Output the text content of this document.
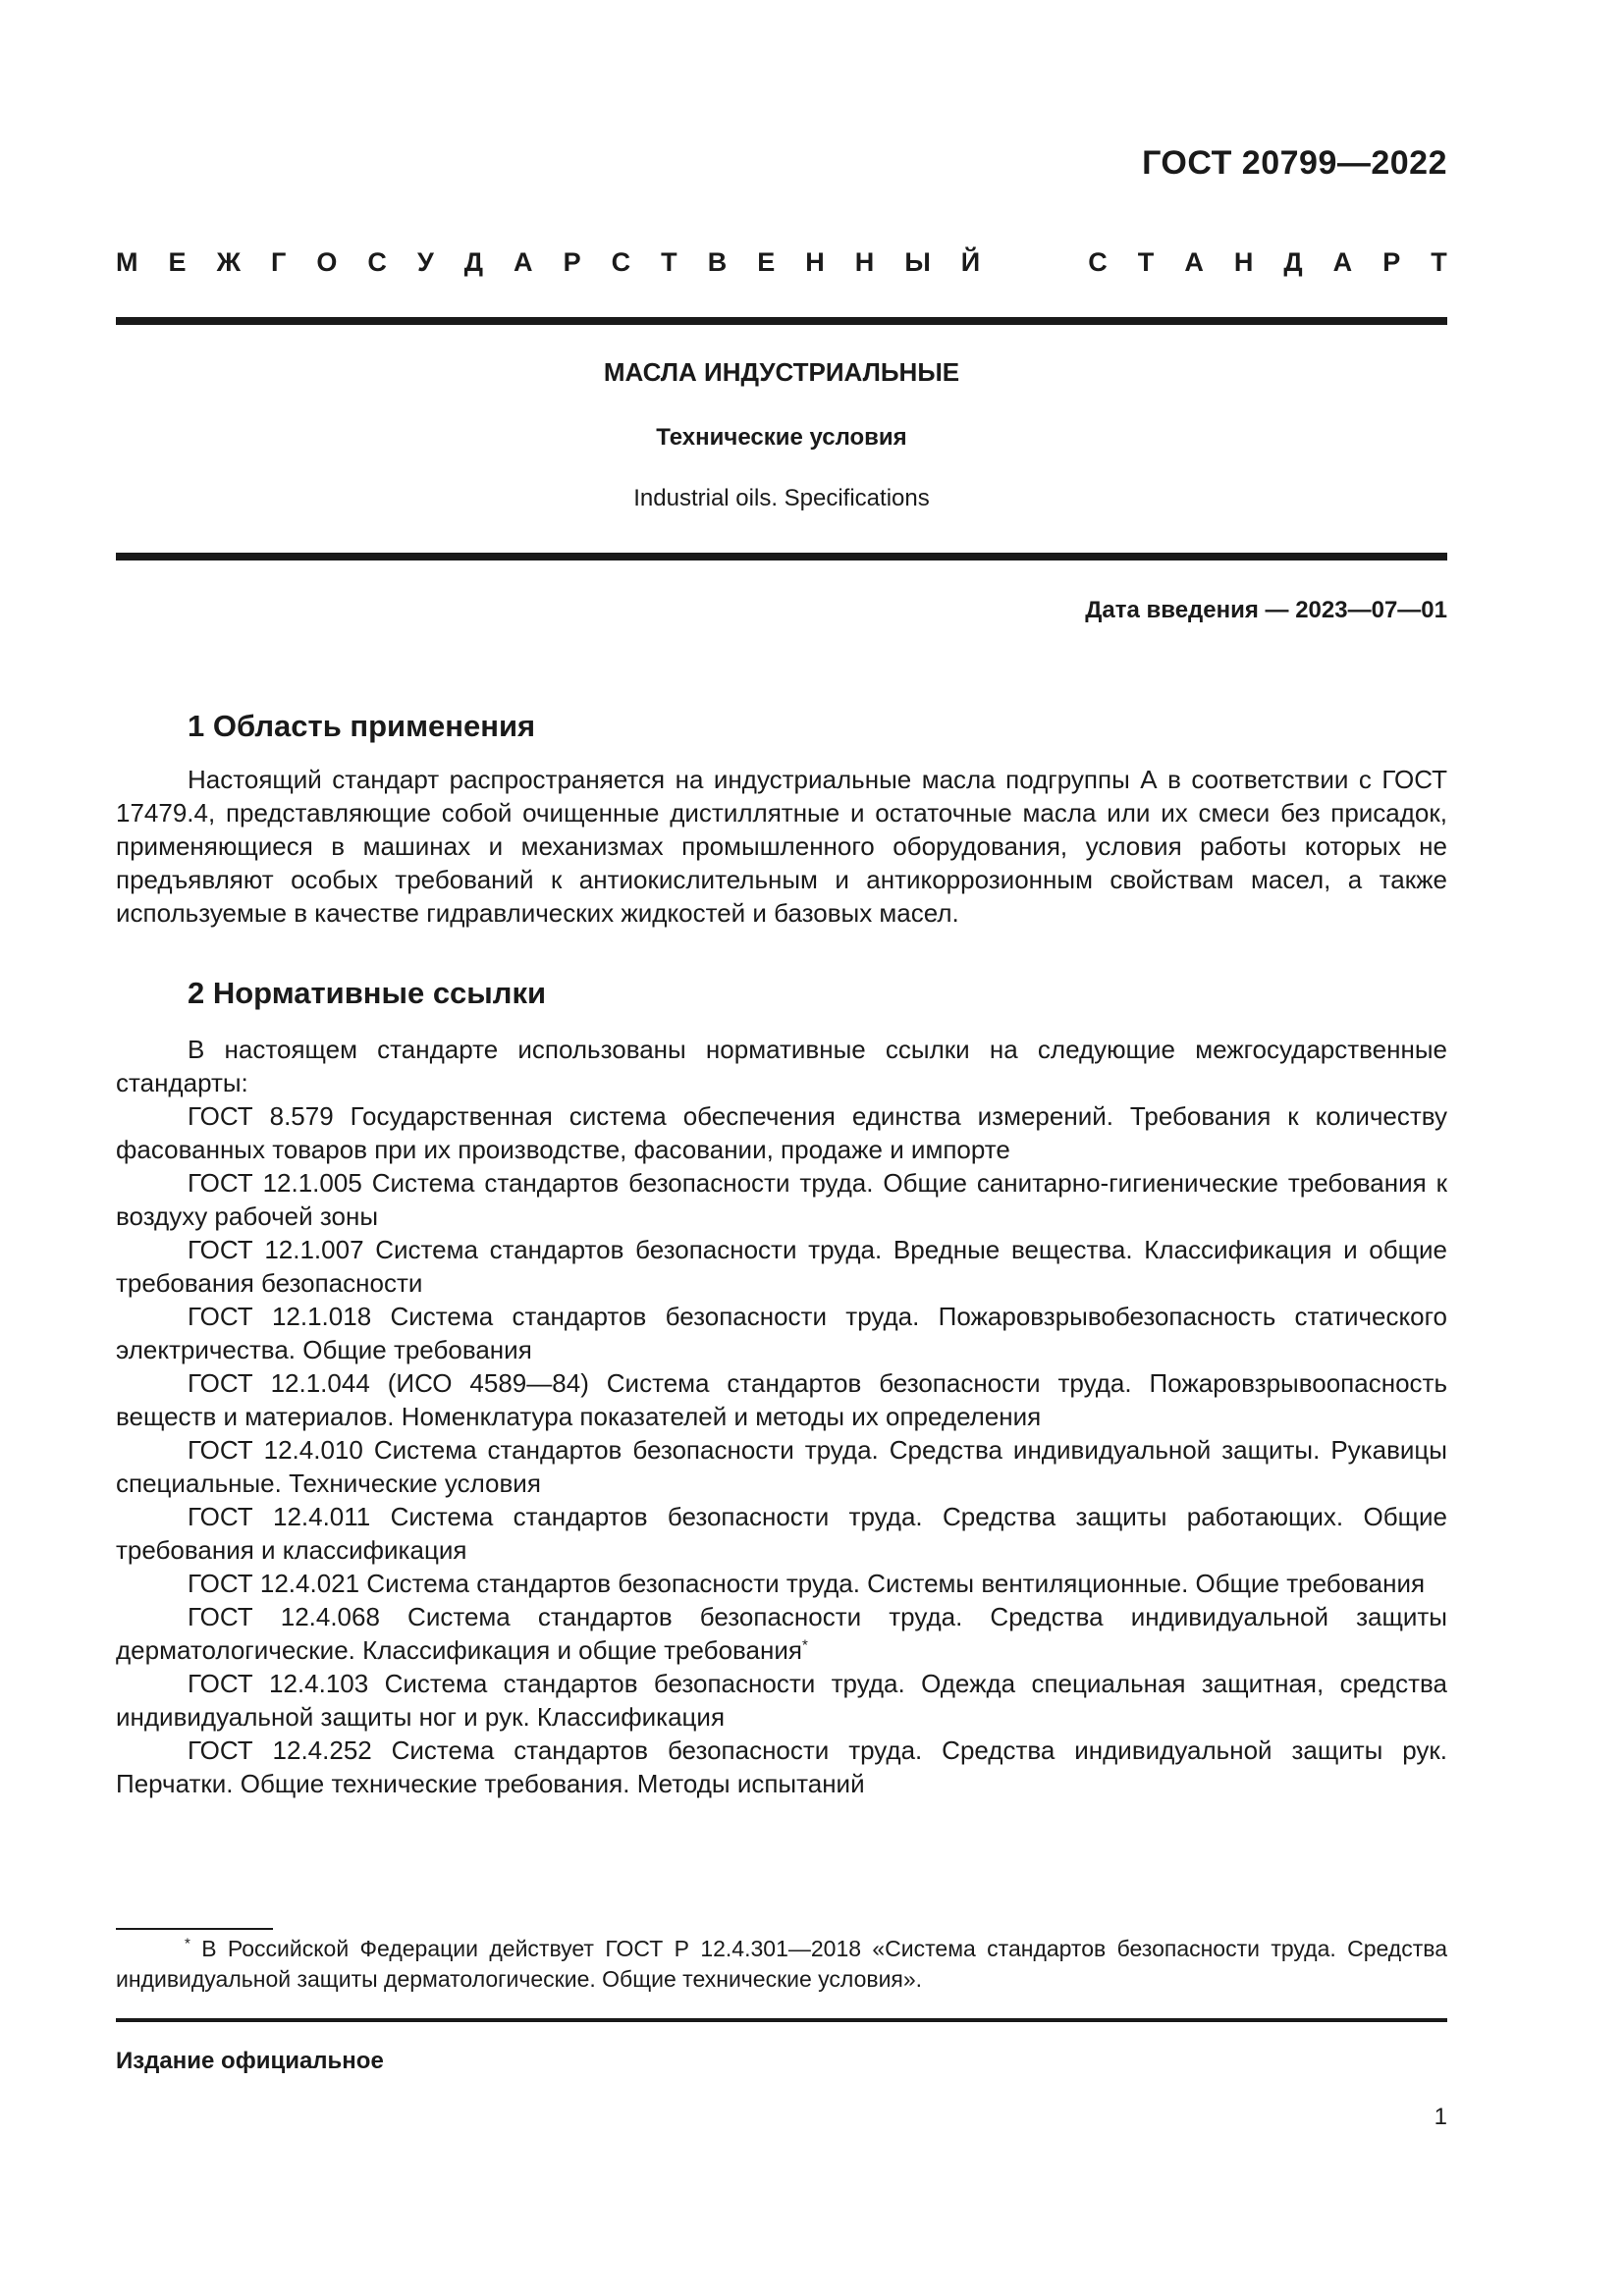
ГОСТ 20799—2022
М Е Ж Г О С У Д А Р С Т В Е Н Н Ы Й	С Т А Н Д А Р Т
МАСЛА ИНДУСТРИАЛЬНЫЕ
Технические условия
Industrial oils. Specifications
Дата введения — 2023—07—01
1 Область применения

Настоящий стандарт распространяется на индустриальные масла подгруппы А в соответствии с ГОСТ 17479.4, представляющие собой очищенные дистиллятные и остаточные масла или их смеси без присадок, применяющиеся в машинах и механизмах промышленного оборудования, условия работы которых не предъявляют особых требований к антиокислительным и антикоррозионным свойствам масел, а также используемые в качестве гидравлических жидкостей и базовых масел.

2 Нормативные ссылки

В настоящем стандарте использованы нормативные ссылки на следующие межгосударственные стандарты:

ГОСТ 8.579 Государственная система обеспечения единства измерений. Требования к количеству фасованных товаров при их производстве, фасовании, продаже и импорте

ГОСТ 12.1.005 Система стандартов безопасности труда. Общие санитарно-гигиенические требования к воздуху рабочей зоны

ГОСТ 12.1.007 Система стандартов безопасности труда. Вредные вещества. Классификация и общие требования безопасности

ГОСТ 12.1.018 Система стандартов безопасности труда. Пожаровзрывобезопасность статического электричества. Общие требования

ГОСТ 12.1.044 (ИСО 4589—84) Система стандартов безопасности труда. Пожаровзрывоопасность веществ и материалов. Номенклатура показателей и методы их определения

ГОСТ 12.4.010 Система стандартов безопасности труда. Средства индивидуальной защиты. Рукавицы специальные. Технические условия

ГОСТ 12.4.011 Система стандартов безопасности труда. Средства защиты работающих. Общие требования и классификация

ГОСТ 12.4.021 Система стандартов безопасности труда. Системы вентиляционные. Общие требования

ГОСТ 12.4.068 Система стандартов безопасности труда. Средства индивидуальной защиты дерматологические. Классификация и общие требования*

ГОСТ 12.4.103 Система стандартов безопасности труда. Одежда специальная защитная, средства индивидуальной защиты ног и рук. Классификация

ГОСТ 12.4.252 Система стандартов безопасности труда. Средства индивидуальной защиты рук. Перчатки. Общие технические требования. Методы испытаний

* В Российской Федерации действует ГОСТ Р 12.4.301—2018 «Система стандартов безопасности труда. Средства индивидуальной защиты дерматологические. Общие технические условия».

Издание официальное
1
